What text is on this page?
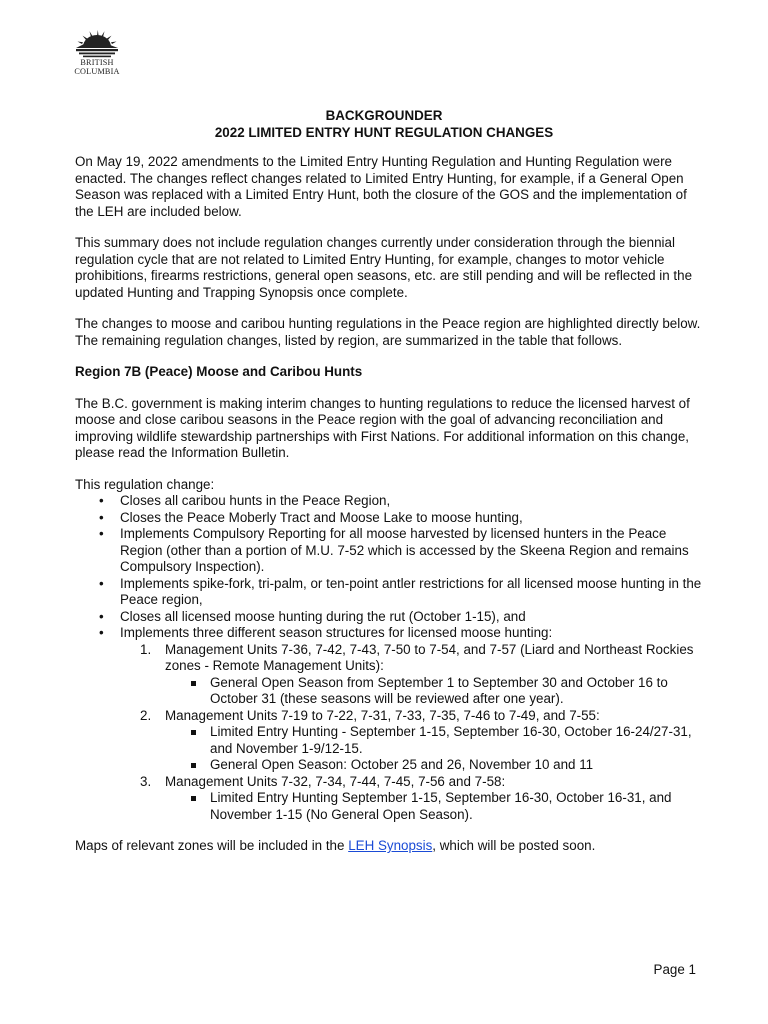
BRITISH
COLUMBIA
BACKGROUNDER
2022 LIMITED ENTRY HUNT REGULATION CHANGES

On May 19, 2022 amendments to the Limited Entry Hunting Regulation and Hunting Regulation were enacted. The changes reflect changes related to Limited Entry Hunting, for example, if a General Open Season was replaced with a Limited Entry Hunt, both the closure of the GOS and the implementation of the LEH are included below.

This summary does not include regulation changes currently under consideration through the biennial regulation cycle that are not related to Limited Entry Hunting, for example, changes to motor vehicle prohibitions, firearms restrictions, general open seasons, etc. are still pending and will be reflected in the updated Hunting and Trapping Synopsis once complete.

The changes to moose and caribou hunting regulations in the Peace region are highlighted directly below. The remaining regulation changes, listed by region, are summarized in the table that follows.

Region 7B (Peace) Moose and Caribou Hunts

The B.C. government is making interim changes to hunting regulations to reduce the licensed harvest of moose and close caribou seasons in the Peace region with the goal of advancing reconciliation and improving wildlife stewardship partnerships with First Nations. For additional information on this change, please read the Information Bulletin.

This regulation change:
• Closes all caribou hunts in the Peace Region,
• Closes the Peace Moberly Tract and Moose Lake to moose hunting,
• Implements Compulsory Reporting for all moose harvested by licensed hunters in the Peace Region (other than a portion of M.U. 7-52 which is accessed by the Skeena Region and remains Compulsory Inspection).
• Implements spike-fork, tri-palm, or ten-point antler restrictions for all licensed moose hunting in the Peace region,
• Closes all licensed moose hunting during the rut (October 1-15), and
• Implements three different season structures for licensed moose hunting:
1. Management Units 7-36, 7-42, 7-43, 7-50 to 7-54, and 7-57 (Liard and Northeast Rockies zones - Remote Management Units):
General Open Season from September 1 to September 30 and October 16 to October 31 (these seasons will be reviewed after one year).
2. Management Units 7-19 to 7-22, 7-31, 7-33, 7-35, 7-46 to 7-49, and 7-55:
Limited Entry Hunting - September 1-15, September 16-30, October 16-24/27-31, and November 1-9/12-15.
General Open Season: October 25 and 26, November 10 and 11
3. Management Units 7-32, 7-34, 7-44, 7-45, 7-56 and 7-58:
Limited Entry Hunting September 1-15, September 16-30, October 16-31, and November 1-15 (No General Open Season).

Maps of relevant zones will be included in the LEH Synopsis, which will be posted soon.

Page 1
